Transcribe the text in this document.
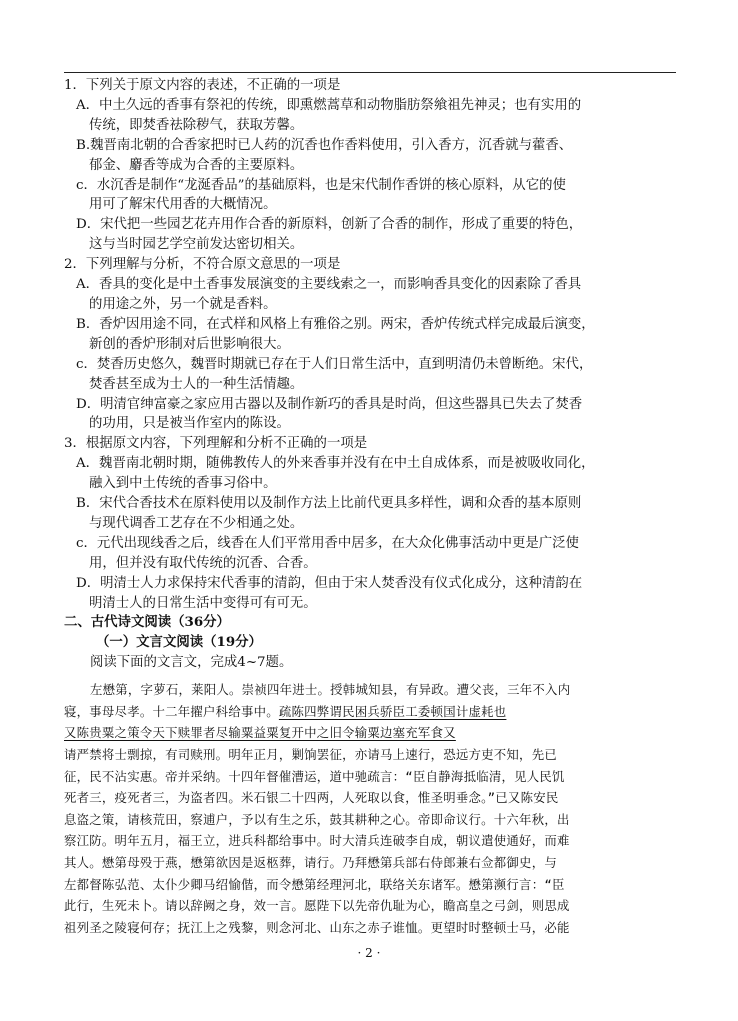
1．下列关于原文内容的表述，不正确的一项是

A．中土久远的香事有祭祀的传统，即熏燃蒿草和动物脂肪祭飨祖先神灵；也有实用的

传统，即焚香祛除秽气，获取芳馨。

B.魏晋南北朝的合香家把时已人药的沉香也作香料使用，引入香方，沉香就与藿香、

郁金、麝香等成为合香的主要原料。

c．水沉香是制作“龙涎香品”的基础原料，也是宋代制作香饼的核心原料，从它的使

用可了解宋代用香的大概情况。

D．宋代把一些园艺花卉用作合香的新原料，创新了合香的制作，形成了重要的特色，

这与当时园艺学空前发达密切相关。

2．下列理解与分析，不符合原文意思的一项是

A．香具的变化是中土香事发展演变的主要线索之一，而影响香具变化的因素除了香具

的用途之外，另一个就是香料。

B．香炉因用途不同，在式样和风格上有雅俗之别。两宋，香炉传统式样完成最后演变，

新创的香炉形制对后世影响很大。

c．焚香历史悠久，魏晋时期就已存在于人们日常生活中，直到明清仍未曾断绝。宋代，

焚香甚至成为士人的一种生活情趣。

D．明清官绅富豪之家应用古器以及制作新巧的香具是时尚，但这些器具已失去了焚香

的功用，只是被当作室内的陈设。

3．根据原文内容，下列理解和分析不正确的一项是

A．魏晋南北朝时期，随佛教传人的外来香事并没有在中土自成体系，而是被吸收同化，

融入到中土传统的香事习俗中。

B．宋代合香技术在原料使用以及制作方法上比前代更具多样性，调和众香的基本原则

与现代调香工艺存在不少相通之处。

c．元代出现线香之后，线香在人们平常用香中居多，在大众化佛事活动中更是广泛使

用，但并没有取代传统的沉香、合香。

D．明清士人力求保持宋代香事的清韵，但由于宋人焚香没有仪式化成分，这种清韵在

明清士人的日常生活中变得可有可无。

二、古代诗文阅读（36分）

（一）文言文阅读（19分）

阅读下面的文言文，完成4~7题。

左懋第，字萝石，莱阳人。崇祯四年进士。授韩城知县，有异政。遭父丧，三年不入内

寝，事母尽孝。十二年擢户科给事中。疏陈四弊谓民困兵骄臣工委顿国计虚耗也

又陈贵粟之策令天下赎罪者尽输粟益粟复开中之旧令输粟边塞充军食又

请严禁将士剽掠，有司赎刑。明年正月，剿饷罢征，亦请马上速行，恐远方吏不知，先已

征，民不沾实惠。帝并采纳。十四年督催漕运，道中驰疏言：“臣自静海抵临清，见人民饥

死者三，疫死者三，为盗者四。米石银二十四两，人死取以食，惟圣明垂念。”已又陈安民

息盗之策，请核荒田，察逋户，予以有生之乐，鼓其耕种之心。帝即命议行。十六年秋，出

察江防。明年五月，福王立，进兵科都给事中。时大清兵连破李自成，朝议遣使通好，而难

其人。懋第母殁于燕，懋第欲因是返柩葬，请行。乃拜懋第兵部右侍郎兼右佥都御史，与

左都督陈弘范、太仆少卿马绍愉偕，而令懋第经理河北，联络关东诸军。懋第濒行言：“臣

此行，生死未卜。请以辞阙之身，效一言。愿陛下以先帝仇耻为心，瞻高皇之弓剑，则思成

祖列圣之陵寝何存；抚江上之残黎，则念河北、山东之赤子谁恤。更望时时整顿士马，必能

· 2 ·
